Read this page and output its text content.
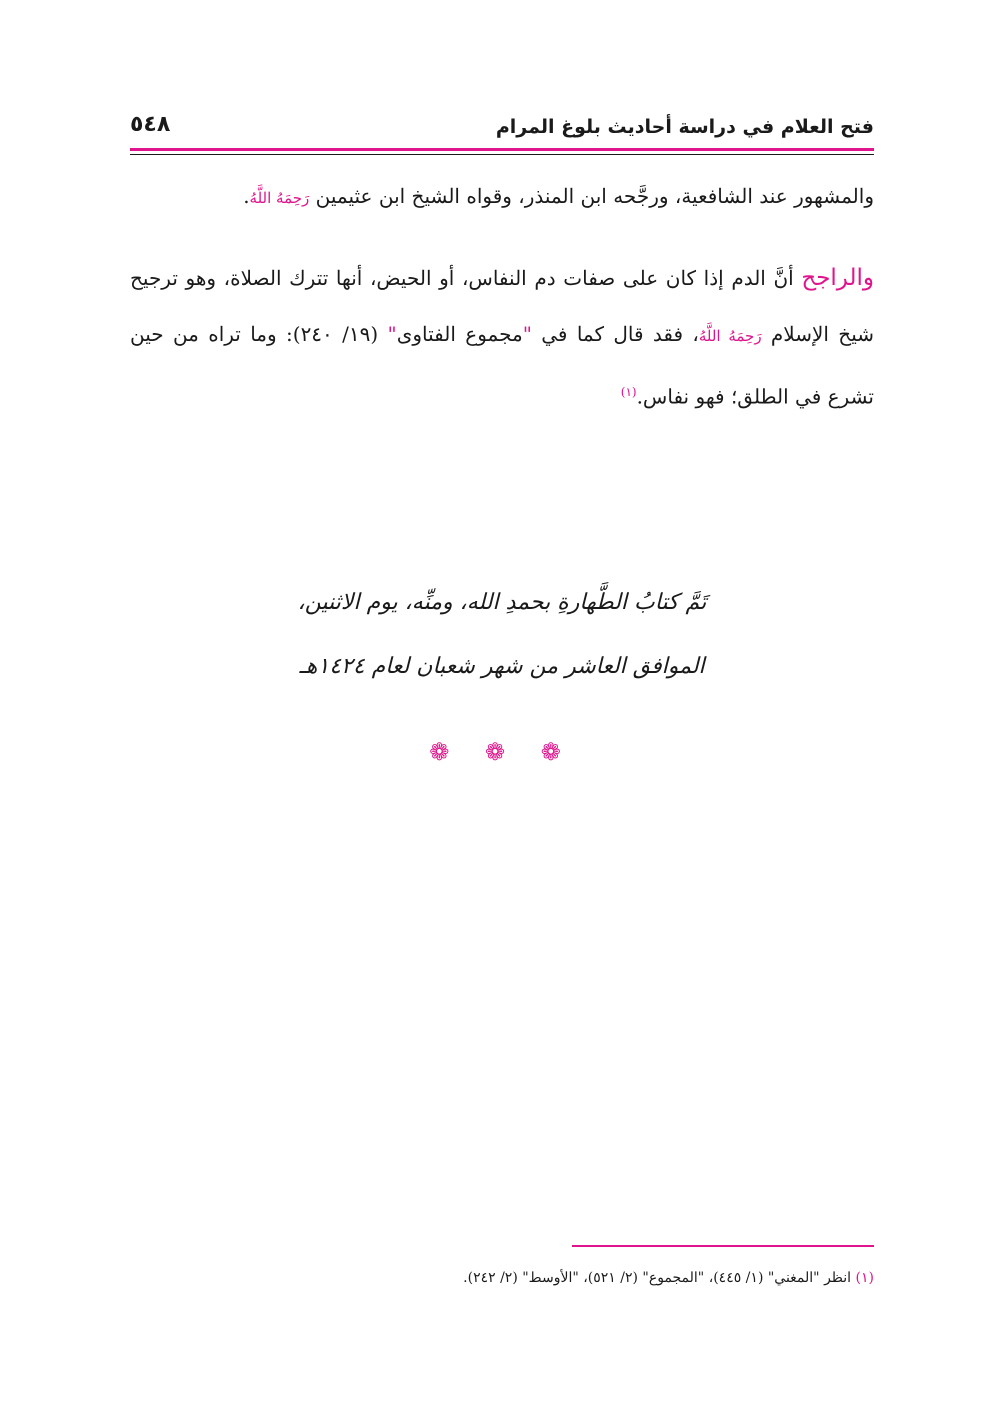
فتح العلام في دراسة أحاديث بلوغ المرام
٥٤٨
والمشهور عند الشافعية، ورجَّحه ابن المنذر، وقواه الشيخ ابن عثيمين رَحِمَهُ اللَّهُ.
والراجح أنَّ الدم إذا كان على صفات دم النفاس، أو الحيض، أنها تترك الصلاة، وهو ترجيح شيخ الإسلام رَحِمَهُ اللَّهُ، فقد قال كما في "مجموع الفتاوى" (١٩/ ٢٤٠): وما تراه من حين تشرع في الطلق؛ فهو نفاس.$^{(١)}$
تَمَّ كتابُ الطَّهارةِ بحمدِ الله، ومنِّه، يوم الاثنين،
الموافق العاشر من شهر شعبان لعام ١٤٢٤هـ
❁ ❁ ❁
(١) انظر "المغني" (١/ ٤٤٥)، "المجموع" (٢/ ٥٢١)، "الأوسط" (٢/ ٢٤٢).
